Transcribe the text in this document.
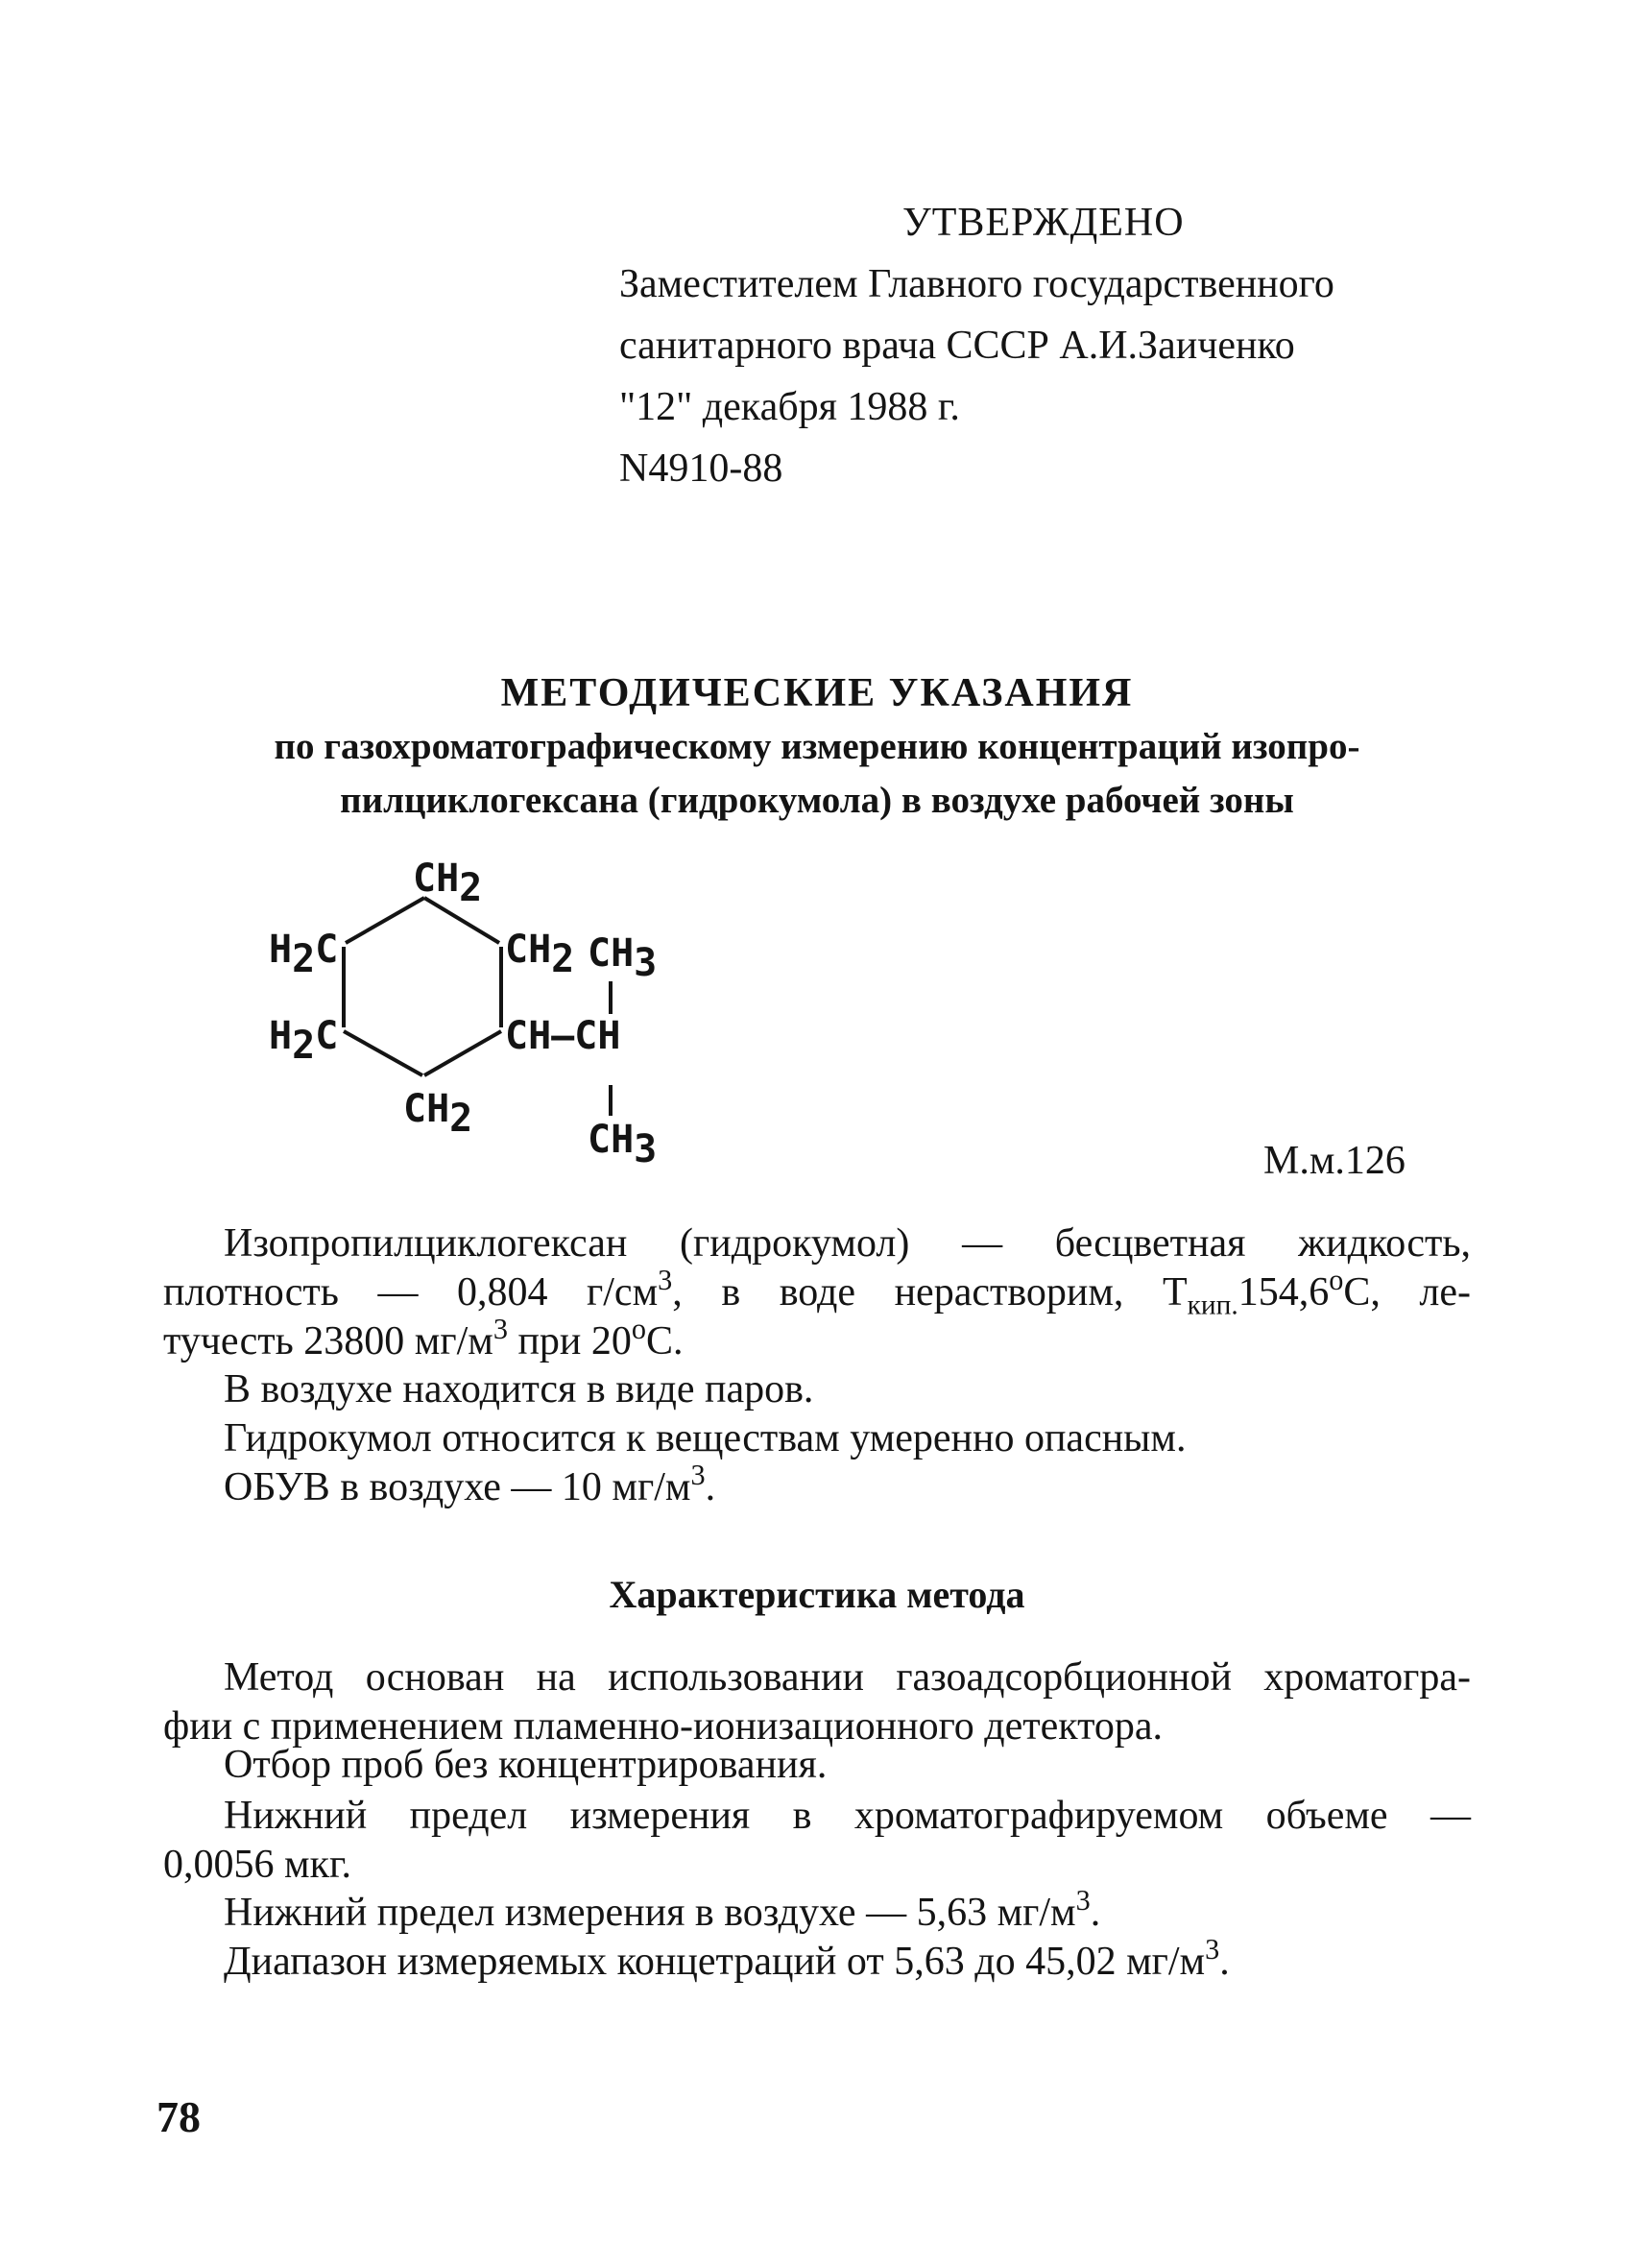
УТВЕРЖДЕНО
Заместителем Главного государственного
санитарного врача СССР А.И.Заиченко
"12" декабря 1988 г.
N4910-88
МЕТОДИЧЕСКИЕ УКАЗАНИЯ
по газохроматографическому измерению концентраций изопро-
пилциклогексана (гидрокумола) в воздухе рабочей зоны
CH2
H2C	CH2 CH3
H2C	CH—CH
CH2	CH3	М.м.126
Изопропилциклогексан (гидрокумол) — бесцветная жидкость,
плотность — 0,804 $г/см^3$, в воде нерастворим, $Т_{кип.}154,6^оС$, ле-
тучесть 23800 $мг/м^3$ при $20^оС$.
В воздухе находится в виде паров.
Гидрокумол относится к веществам умеренно опасным.
ОБУВ в воздухе — 10 $мг/м^3$.
Характеристика метода
Метод основан на использовании газоадсорбционной хроматогра-
фии с применением пламенно-ионизационного детектора.
Отбор проб без концентрирования.
Нижний предел измерения в хроматографируемом объеме —
0,0056 мкг.
Нижний предел измерения в воздухе — 5,63 $мг/м^3$.
Диапазон измеряемых концетраций от 5,63 до 45,02 $мг/м^3$.
78
